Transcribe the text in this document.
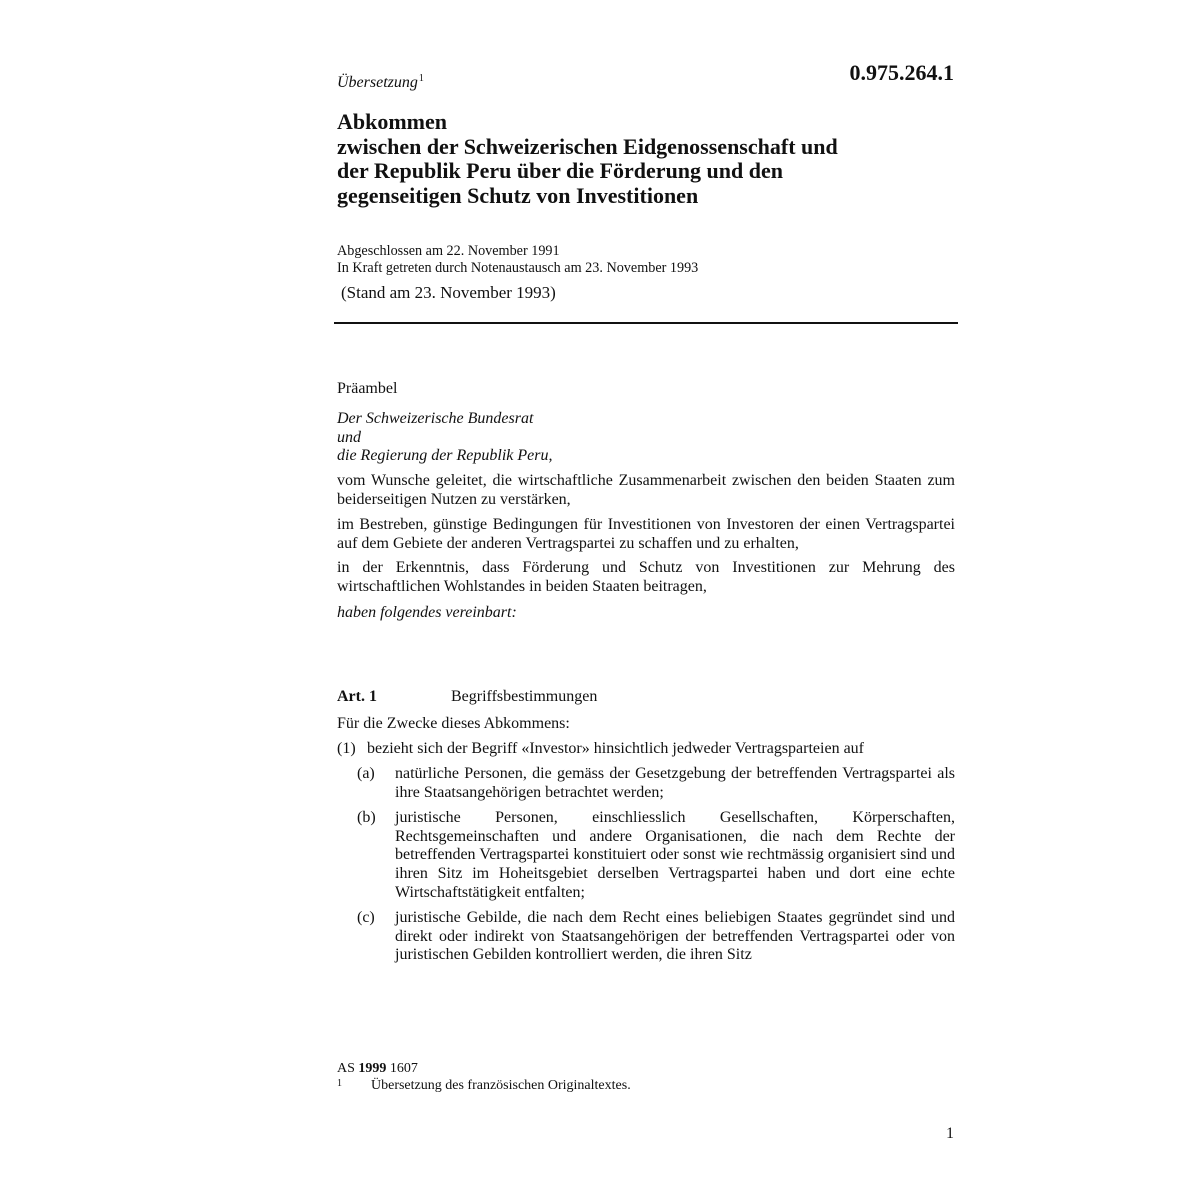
Übersetzung$^1$	0.975.264.1
Abkommen
zwischen der Schweizerischen Eidgenossenschaft und
der Republik Peru über die Förderung und den
gegenseitigen Schutz von Investitionen
Abgeschlossen am 22. November 1991
In Kraft getreten durch Notenaustausch am 23. November 1993
(Stand am 23. November 1993)

Präambel

Der Schweizerische Bundesrat
und
die Regierung der Republik Peru,

vom Wunsche geleitet, die wirtschaftliche Zusammenarbeit zwischen den beiden Staaten zum beiderseitigen Nutzen zu verstärken,

im Bestreben, günstige Bedingungen für Investitionen von Investoren der einen Vertragspartei auf dem Gebiete der anderen Vertragspartei zu schaffen und zu erhalten,

in der Erkenntnis, dass Förderung und Schutz von Investitionen zur Mehrung des wirtschaftlichen Wohlstandes in beiden Staaten beitragen,

haben folgendes vereinbart:

Art. 1	Begriffsbestimmungen

Für die Zwecke dieses Abkommens:

(1) bezieht sich der Begriff «Investor» hinsichtlich jedweder Vertragsparteien auf
(a)	natürliche Personen, die gemäss der Gesetzgebung der betreffenden Vertragspartei als ihre Staatsangehörigen betrachtet werden;
(b)	juristische Personen, einschliesslich Gesellschaften, Körperschaften, Rechtsgemeinschaften und andere Organisationen, die nach dem Rechte der betreffenden Vertragspartei konstituiert oder sonst wie rechtmässig organisiert sind und ihren Sitz im Hoheitsgebiet derselben Vertragspartei haben und dort eine echte Wirtschaftstätigkeit entfalten;
(c)	juristische Gebilde, die nach dem Recht eines beliebigen Staates gegründet sind und direkt oder indirekt von Staatsangehörigen der betreffenden Vertragspartei oder von juristischen Gebilden kontrolliert werden, die ihren Sitz
AS 1999 1607
1	Übersetzung des französischen Originaltextes.
1
